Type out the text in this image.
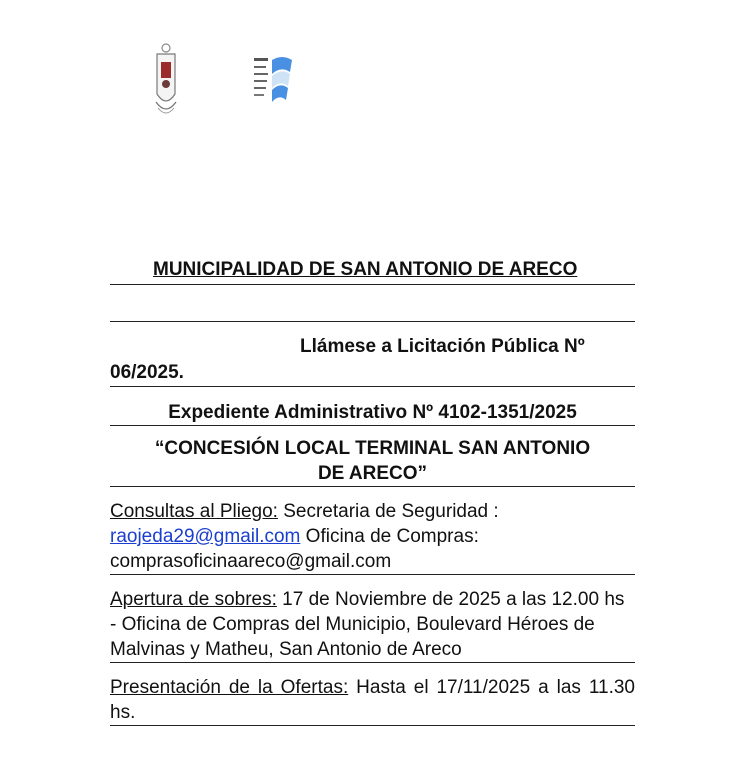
MUNICIPALIDAD DE SAN ANTONIO DE ARECO
Llámese a Licitación Pública Nº
06/2025.
Expediente Administrativo Nº 4102-1351/2025
“CONCESIÓN LOCAL TERMINAL SAN ANTONIO
DE ARECO”
Consultas al Pliego: Secretaria de Seguridad :
raojeda29@gmail.com Oficina de Compras:
comprasoficinaareco@gmail.com
Apertura de sobres: 17 de Noviembre de 2025 a las 12.00 hs - Oficina de Compras del Municipio, Boulevard Héroes de Malvinas y Matheu, San Antonio de Areco
Presentación de la Ofertas: Hasta el 17/11/2025 a las 11.30 hs.
